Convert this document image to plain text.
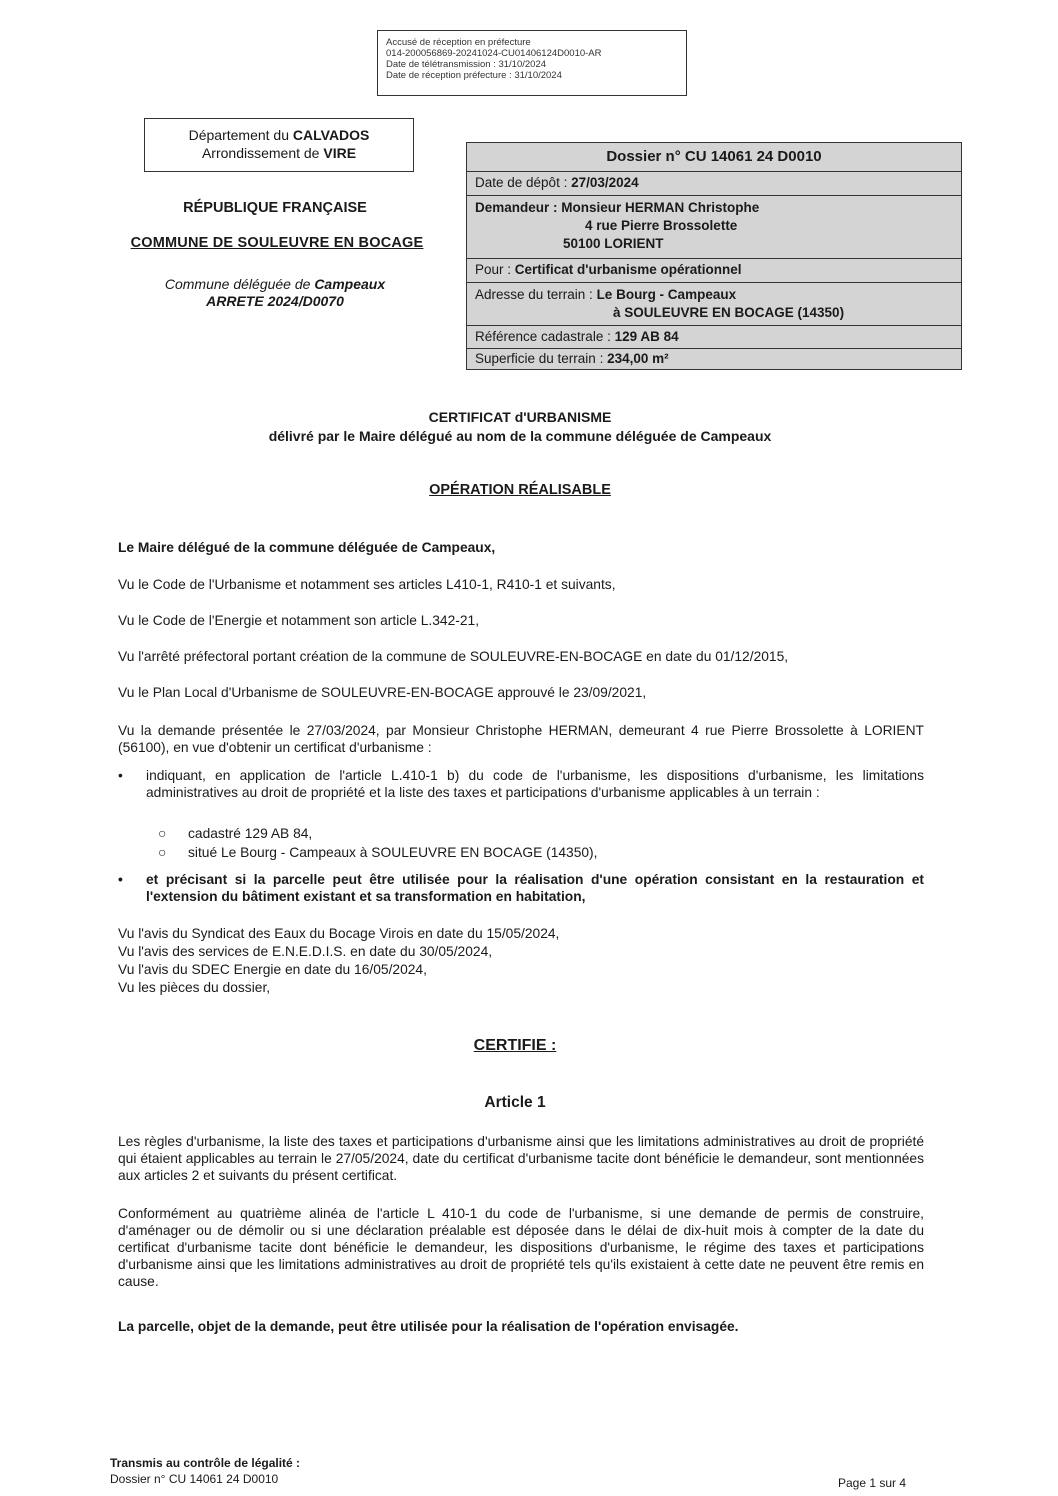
Accusé de réception en préfecture
014-200056869-20241024-CU01406124D0010-AR
Date de télétransmission : 31/10/2024
Date de réception préfecture : 31/10/2024
Département du CALVADOS
Arrondissement de VIRE
RÉPUBLIQUE FRANÇAISE
COMMUNE DE SOULEUVRE EN BOCAGE
Commune déléguée de Campeaux
ARRETE 2024/D0070
Dossier n° CU 14061 24 D0010
Date de dépôt : 27/03/2024
Demandeur : Monsieur HERMAN Christophe
4 rue Pierre Brossolette
50100 LORIENT
Pour : Certificat d'urbanisme opérationnel
Adresse du terrain : Le Bourg - Campeaux
à SOULEUVRE EN BOCAGE (14350)
Référence cadastrale : 129 AB 84
Superficie du terrain : 234,00 m²
CERTIFICAT d'URBANISME
délivré par le Maire délégué au nom de la commune déléguée de Campeaux
OPÉRATION RÉALISABLE
Le Maire délégué de la commune déléguée de Campeaux,
Vu le Code de l'Urbanisme et notamment ses articles L410-1, R410-1 et suivants,
Vu le Code de l'Energie et notamment son article L.342-21,
Vu l'arrêté préfectoral portant création de la commune de SOULEUVRE-EN-BOCAGE en date du 01/12/2015,
Vu le Plan Local d'Urbanisme de SOULEUVRE-EN-BOCAGE approuvé le 23/09/2021,
Vu la demande présentée le 27/03/2024, par Monsieur Christophe HERMAN, demeurant 4 rue Pierre Brossolette à LORIENT (56100), en vue d'obtenir un certificat d'urbanisme :
• indiquant, en application de l'article L.410-1 b) du code de l'urbanisme, les dispositions d'urbanisme, les limitations administratives au droit de propriété et la liste des taxes et participations d'urbanisme applicables à un terrain :
○ cadastré 129 AB 84,
○ situé Le Bourg - Campeaux à SOULEUVRE EN BOCAGE (14350),
• et précisant si la parcelle peut être utilisée pour la réalisation d'une opération consistant en la restauration et l'extension du bâtiment existant et sa transformation en habitation,
Vu l'avis du Syndicat des Eaux du Bocage Virois en date du 15/05/2024,
Vu l'avis des services de E.N.E.D.I.S. en date du 30/05/2024,
Vu l'avis du SDEC Energie en date du 16/05/2024,
Vu les pièces du dossier,
CERTIFIE :
Article 1
Les règles d'urbanisme, la liste des taxes et participations d'urbanisme ainsi que les limitations administratives au droit de propriété qui étaient applicables au terrain le 27/05/2024, date du certificat d'urbanisme tacite dont bénéficie le demandeur, sont mentionnées aux articles 2 et suivants du présent certificat.
Conformément au quatrième alinéa de l'article L 410-1 du code de l'urbanisme, si une demande de permis de construire, d'aménager ou de démolir ou si une déclaration préalable est déposée dans le délai de dix-huit mois à compter de la date du certificat d'urbanisme tacite dont bénéficie le demandeur, les dispositions d'urbanisme, le régime des taxes et participations d'urbanisme ainsi que les limitations administratives au droit de propriété tels qu'ils existaient à cette date ne peuvent être remis en cause.
La parcelle, objet de la demande, peut être utilisée pour la réalisation de l'opération envisagée.
Transmis au contrôle de légalité :
Dossier n° CU 14061 24 D0010	Page 1 sur 4
